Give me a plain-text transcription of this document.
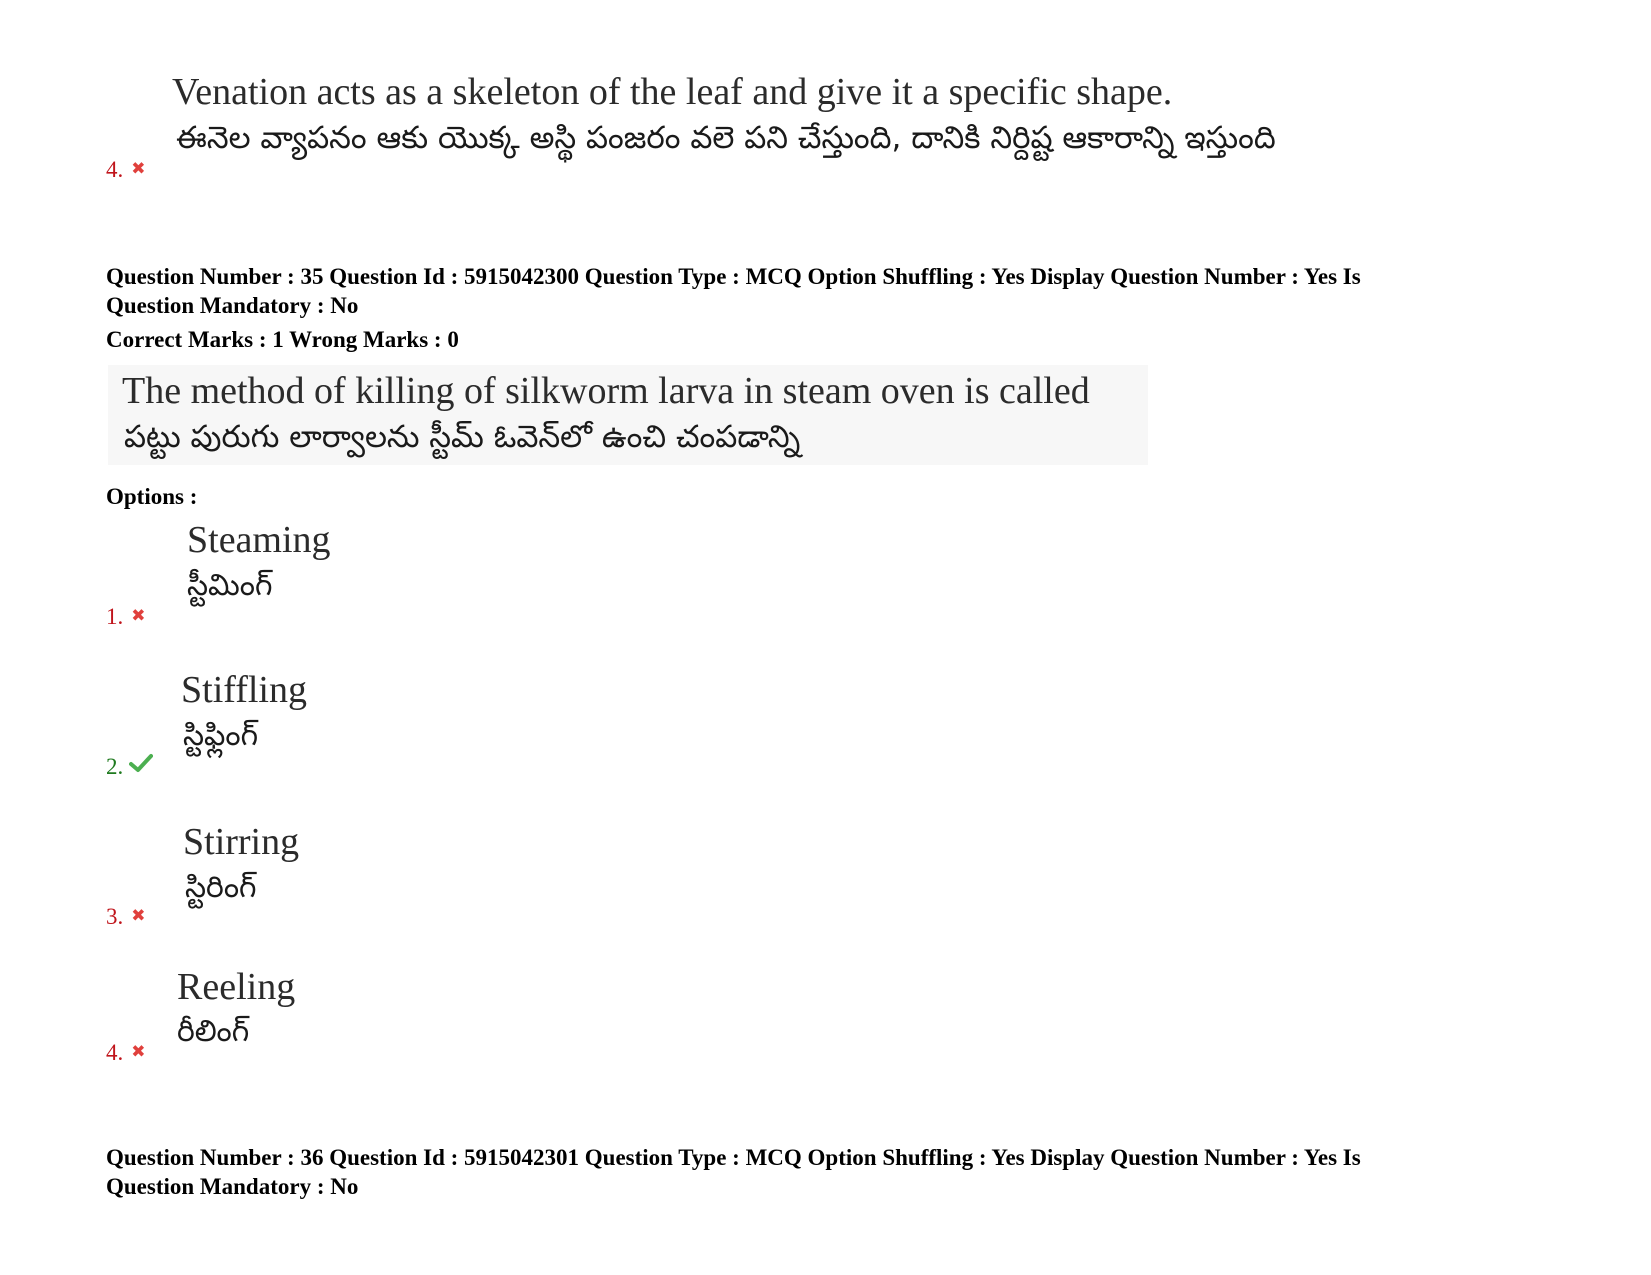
Venation acts as a skeleton of the leaf and give it a specific shape.
ఈనెల వ్యాపనం ఆకు యొక్క అస్థి పంజరం వలె పని చేస్తుంది, దానికి నిర్దిష్ట ఆకారాన్ని ఇస్తుంది
4. ✖
Question Number : 35 Question Id : 5915042300 Question Type : MCQ Option Shuffling : Yes Display Question Number : Yes Is
Question Mandatory : No
Correct Marks : 1 Wrong Marks : 0
The method of killing of silkworm larva in steam oven is called
పట్టు పురుగు లార్వాలను స్టీమ్ ఓవెన్‌లో ఉంచి చంపడాన్ని
Options :
Steaming
స్టీమింగ్
1. ✖
Stiffling
స్టిఫ్లింగ్
2.
Stirring
స్టిరింగ్
3. ✖
Reeling
రీలింగ్
4. ✖
Question Number : 36 Question Id : 5915042301 Question Type : MCQ Option Shuffling : Yes Display Question Number : Yes Is
Question Mandatory : No
